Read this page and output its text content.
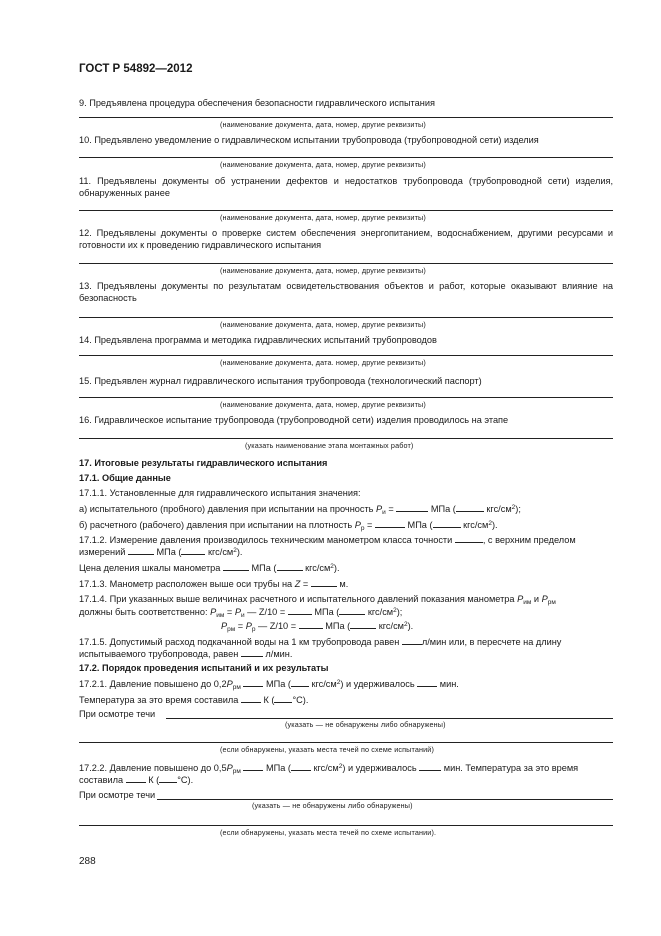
ГОСТ Р 54892—2012
9. Предъявлена процедура обеспечения безопасности гидравлического испытания
(наименование документа, дата, номер, другие реквизиты)
10. Предъявлено уведомление о гидравлическом испытании трубопровода (трубопроводной сети) изделия
(наименование документа, дата, номер, другие реквизиты)
11. Предъявлены документы об устранении дефектов и недостатков трубопровода (трубопроводной сети) изделия, обнаруженных ранее
(наименование документа, дата, номер, другие реквизиты)
12. Предъявлены документы о проверке систем обеспечения энергопитанием, водоснабжением, другими ресурсами и готовности их к проведению гидравлического испытания
(наименование документа, дата, номер, другие реквизиты)
13. Предъявлены документы по результатам освидетельствования объектов и работ, которые оказывают влияние на безопасность
(наименование документа, дата, номер, другие реквизиты)
14. Предъявлена программа и методика гидравлических испытаний трубопроводов
(наименование документа, дата. номер, другие реквизиты)
15. Предъявлен журнал гидравлического испытания трубопровода (технологический паспорт)
(наименование документа, дата, номер, другие реквизиты)
16. Гидравлическое испытание трубопровода (трубопроводной сети) изделия проводилось на этапе
(указать наименование этапа монтажных работ)
17. Итоговые результаты гидравлического испытания
17.1. Общие данные
17.1.1. Установленные для гидравлического испытания значения:
а) испытательного (пробного) давления при испытании на прочность $P_и$ =	МПа (	кгс/$см^2$);
б) расчетного (рабочего) давления при испытании на плотность $P_р$ =	МПа (	кгс/$см^2$).
17.1.2. Измерение давления производилось техническим манометром класса точности	, с верхним пределом
измерений	МПа (	кгс/$см^2$).
Цена деления шкалы манометра	МПа (	кгс/$см^2$).
17.1.3. Манометр расположен выше оси трубы на Z =	м.
17.1.4. При указанных выше величинах расчетного и испытательного давлений показания манометра $P_{им}$ и $P_{рм}$
должны быть соответственно: $P_{им} = P_и$ — Z/10 =	МПа (	кгс/$см^2$);
$P_{рм} = P_р$ — Z/10 =	МПа (	кгс/$см^2$).
17.1.5. Допустимый расход подкачанной воды на 1 км трубопровода равен л/мин или, в пересчете на длину
испытываемого трубопровода, равен	л/мин.
17.2. Порядок проведения испытаний и их результаты
17.2.1. Давление повышено до $0,2P_{рм}$	МПа ( кгс/$см^2$) и удерживалось	мин.
Температура за это время составила	К ( °С).
При осмотре течи
(указать — не обнаружены либо обнаружены)
(если обнаружены, указать места течей по схеме испытаний)
17.2.2. Давление повышено до $0,5P_{рм}$	МПа ( кгс/$см^2$) и удерживалось	мин. Температура за это время
составила	К ( °С).
При осмотре течи
(указать — не обнаружены либо обнаружены)
(если обнаружены, указать места течей по схеме испытании).
288
